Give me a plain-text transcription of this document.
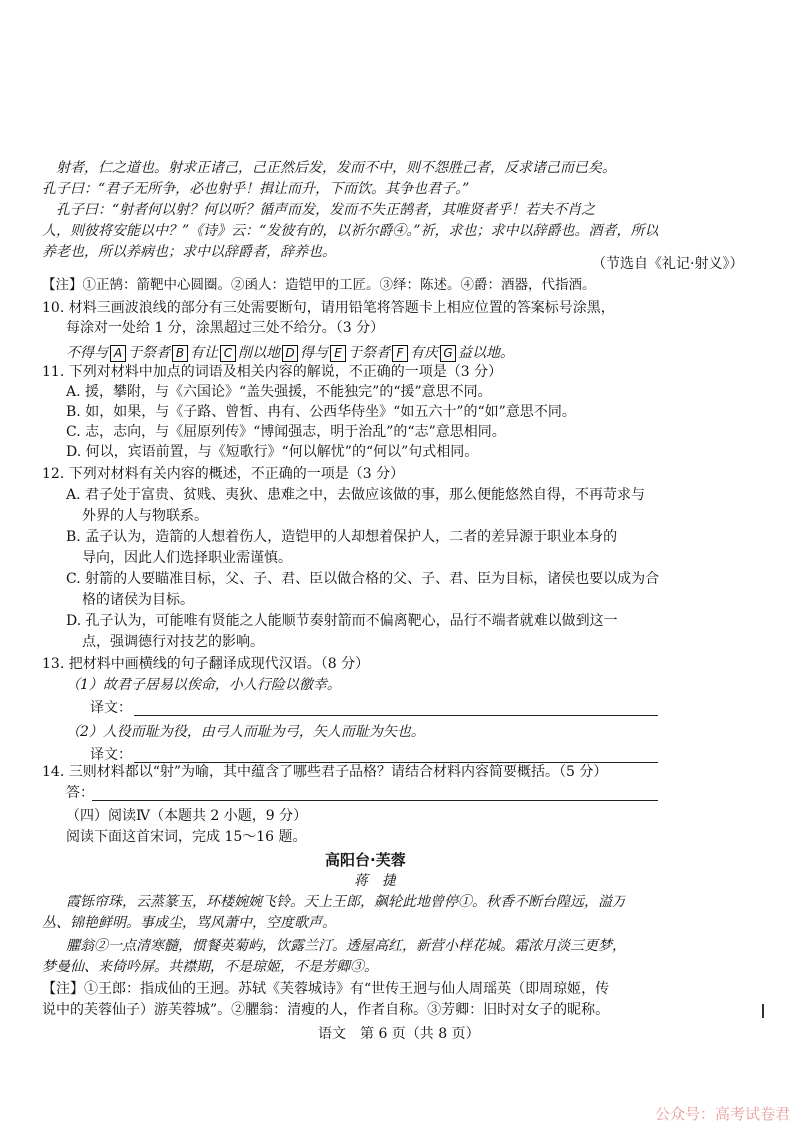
射者，仁之道也。射求正诸己，己正然后发，发而不中，则不怨胜己者，反求诸己而已矣。
孔子曰：“君子无所争，必也射乎！揖让而升，下而饮。其争也君子。”
孔子曰：“射者何以射？何以听？循声而发，发而不失正鹄者，其唯贤者乎！若夫不肖之
人，则彼将安能以中？”《诗》云：“发彼有的，以祈尔爵④。”祈，求也；求中以辞爵也。酒者，所以
养老也，所以养病也；求中以辞爵者，辞养也。
（节选自《礼记·射义》）
【注】①正鹄：箭靶中心圆圈。②函人：造铠甲的工匠。③绎：陈述。④爵：酒器，代指酒。
10. 材料三画波浪线的部分有三处需要断句，请用铅笔将答题卡上相应位置的答案标号涂黑，
每涂对一处给 1 分，涂黑超过三处不给分。（3 分）
不得与 A 于祭者 B 有让 C 削以地 D 得与 E 于祭者 F 有庆 G 益以地。
11. 下列对材料中加点的词语及相关内容的解说，不正确的一项是（3 分）
A. 援，攀附，与《六国论》“盖失强援，不能独完”的“援”意思不同。
B. 如，如果，与《子路、曾皙、冉有、公西华侍坐》“如五六十”的“如”意思不同。
C. 志，志向，与《屈原列传》“博闻强志，明于治乱”的“志”意思相同。
D. 何以，宾语前置，与《短歌行》“何以解忧”的“何以”句式相同。
12. 下列对材料有关内容的概述，不正确的一项是（3 分）
A. 君子处于富贵、贫贱、夷狄、患难之中，去做应该做的事，那么便能悠然自得，不再苛求与
外界的人与物联系。
B. 孟子认为，造箭的人想着伤人，造铠甲的人却想着保护人，二者的差异源于职业本身的
导向，因此人们选择职业需谨慎。
C. 射箭的人要瞄准目标，父、子、君、臣以做合格的父、子、君、臣为目标，诸侯也要以成为合
格的诸侯为目标。
D. 孔子认为，可能唯有贤能之人能顺节奏射箭而不偏离靶心，品行不端者就难以做到这一
点，强调德行对技艺的影响。
13. 把材料中画横线的句子翻译成现代汉语。（8 分）
（1）故君子居易以俟命，小人行险以徼幸。
译文：
（2）人役而耻为役，由弓人而耻为弓，矢人而耻为矢也。
译文：
14. 三则材料都以“射”为喻，其中蕴含了哪些君子品格？请结合材料内容简要概括。（5 分）
答：
（四）阅读Ⅳ（本题共 2 小题，9 分）
阅读下面这首宋词，完成 15～16 题。
高阳台·芙蓉
蒋　捷
霞铄帘珠，云蒸篆玉，环楼婉婉飞铃。天上王郎，飙轮此地曾停①。秋香不断台隍远，溢万
丛、锦艳鲜明。事成尘，骂风萧中，空度歌声。
臞翁②一点清寒髓，惯餐英菊屿，饮露兰汀。透屋高红，新营小样花城。霜浓月淡三更梦，
梦曼仙、来倚吟屏。共襟期，不是琼姬，不是芳卿③。
【注】①王郎：指成仙的王迥。苏轼《芙蓉城诗》有“世传王迥与仙人周瑶英（即周琼姬，传
说中的芙蓉仙子）游芙蓉城”。②臞翁：清瘦的人，作者自称。③芳卿：旧时对女子的昵称。
语文　第 6 页（共 8 页）
公众号：高考试卷君
